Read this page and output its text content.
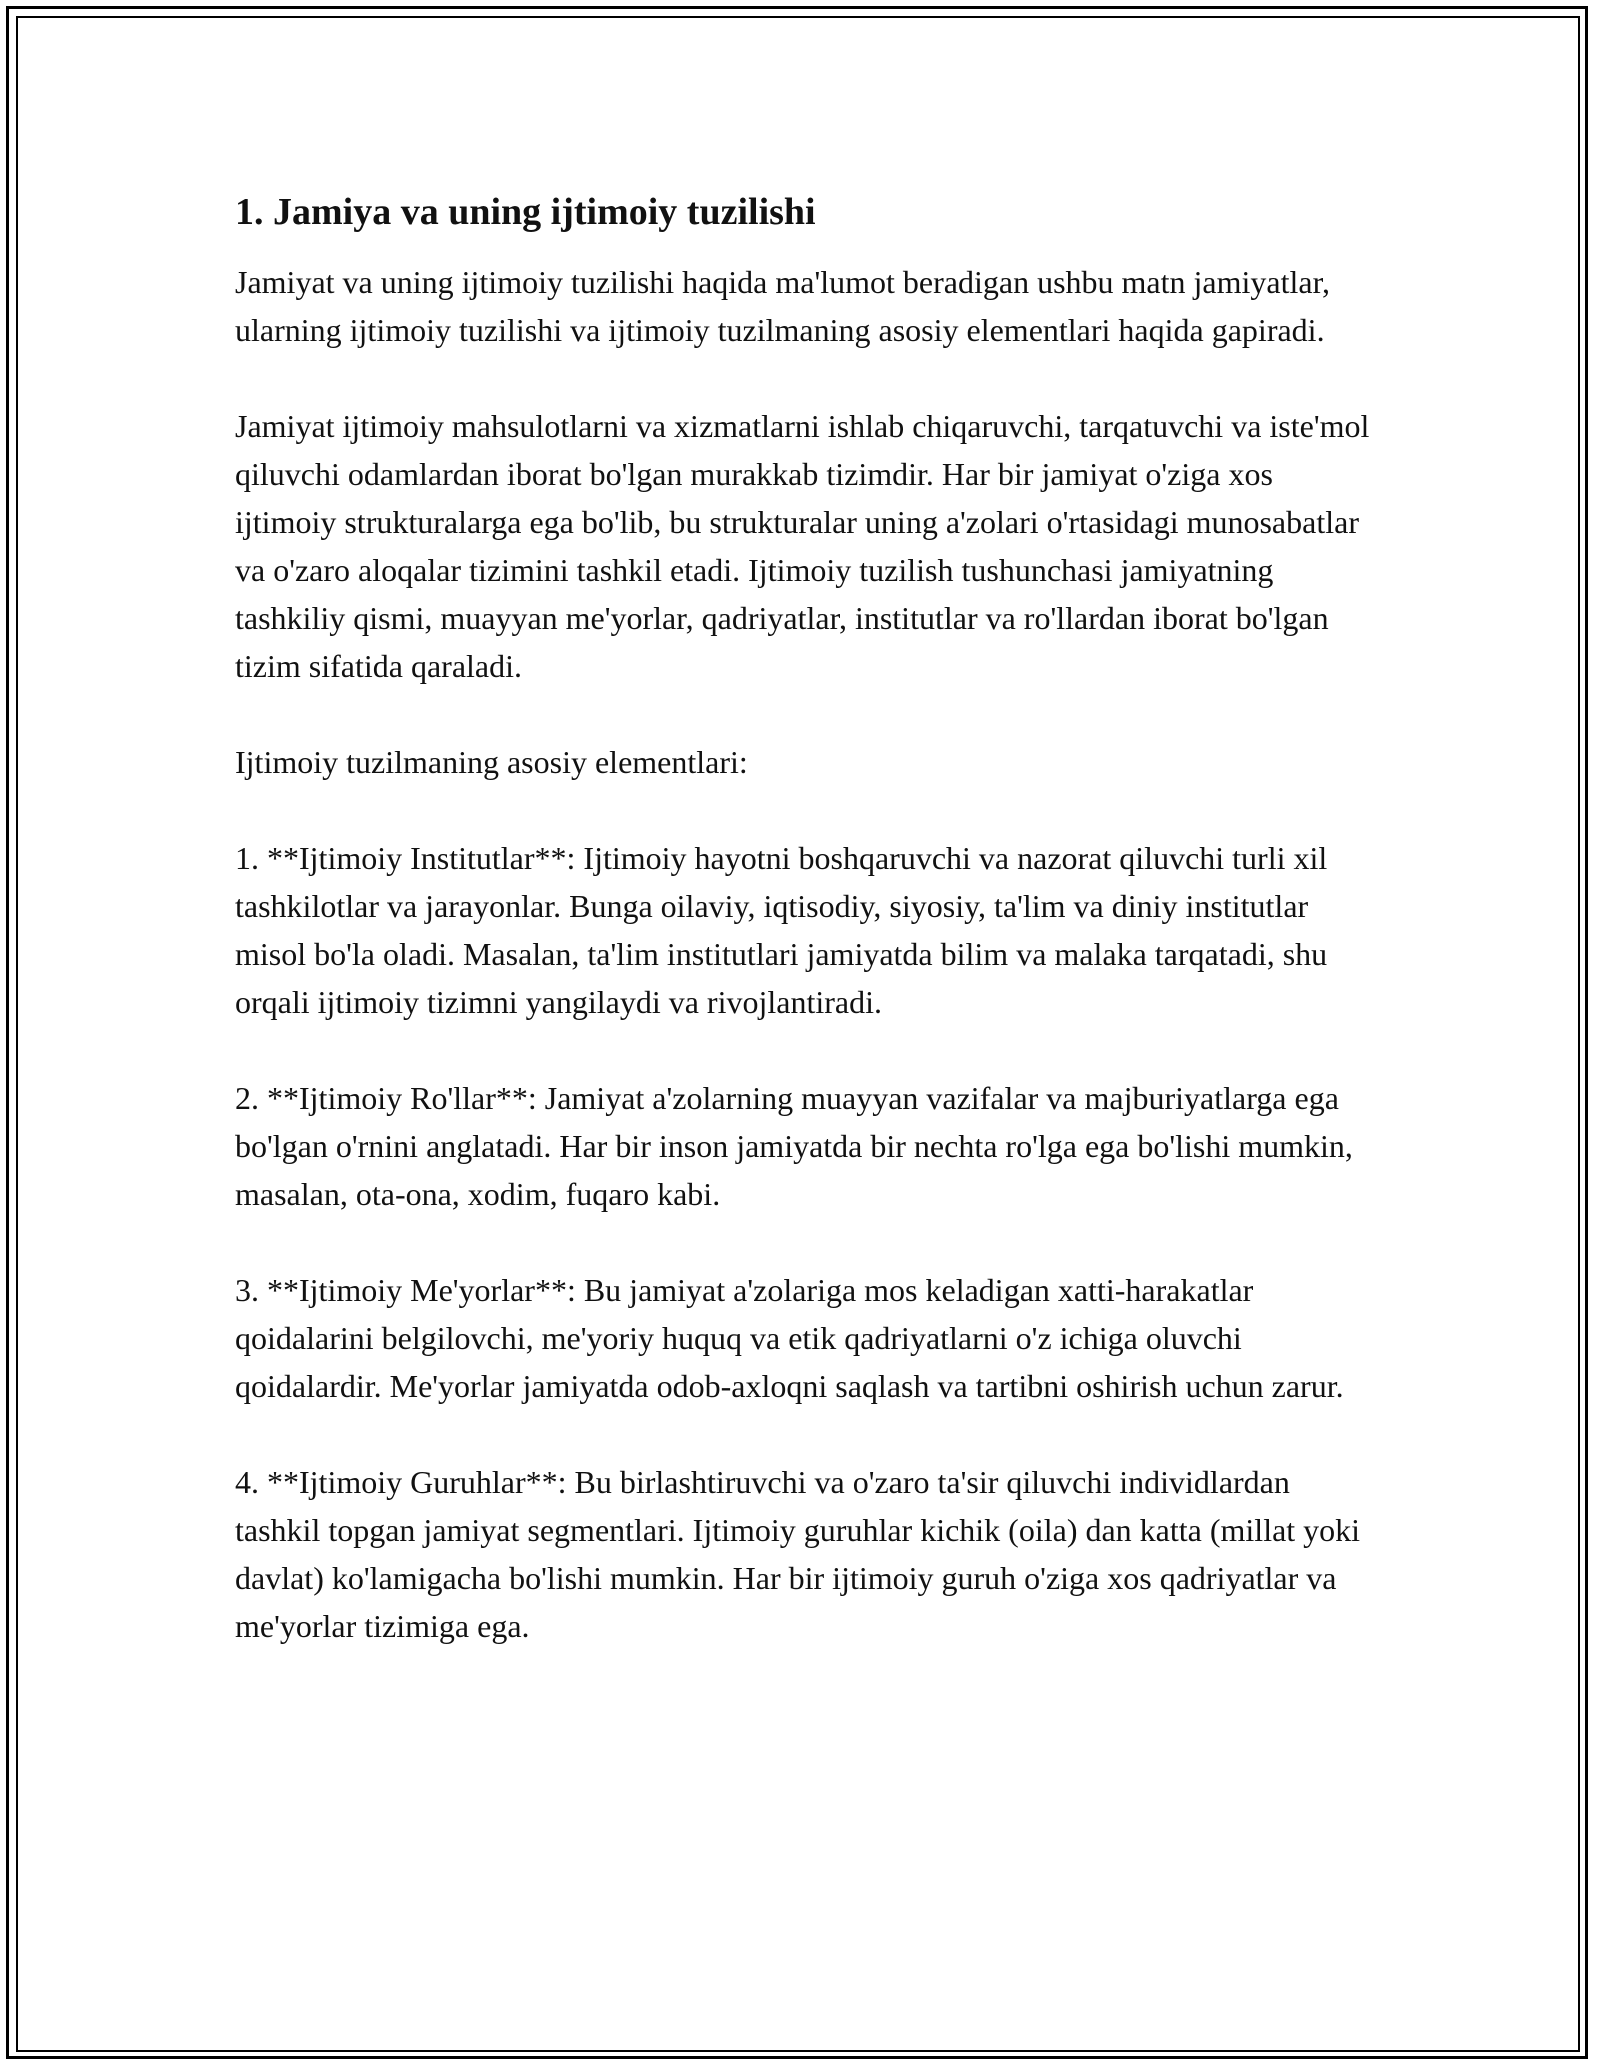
1. Jamiya va uning ijtimoiy tuzilishi

Jamiyat va uning ijtimoiy tuzilishi haqida ma'lumot beradigan ushbu matn jamiyatlar, ularning ijtimoiy tuzilishi va ijtimoiy tuzilmaning asosiy elementlari haqida gapiradi.

Jamiyat ijtimoiy mahsulotlarni va xizmatlarni ishlab chiqaruvchi, tarqatuvchi va iste'mol qiluvchi odamlardan iborat bo'lgan murakkab tizimdir. Har bir jamiyat o'ziga xos ijtimoiy strukturalarga ega bo'lib, bu strukturalar uning a'zolari o'rtasidagi munosabatlar va o'zaro aloqalar tizimini tashkil etadi. Ijtimoiy tuzilish tushunchasi jamiyatning tashkiliy qismi, muayyan me'yorlar, qadriyatlar, institutlar va ro'llardan iborat bo'lgan tizim sifatida qaraladi.

Ijtimoiy tuzilmaning asosiy elementlari:

1. **Ijtimoiy Institutlar**: Ijtimoiy hayotni boshqaruvchi va nazorat qiluvchi turli xil tashkilotlar va jarayonlar. Bunga oilaviy, iqtisodiy, siyosiy, ta'lim va diniy institutlar misol bo'la oladi. Masalan, ta'lim institutlari jamiyatda bilim va malaka tarqatadi, shu orqali ijtimoiy tizimni yangilaydi va rivojlantiradi.

2. **Ijtimoiy Ro'llar**: Jamiyat a'zolarning muayyan vazifalar va majburiyatlarga ega bo'lgan o'rnini anglatadi. Har bir inson jamiyatda bir nechta ro'lga ega bo'lishi mumkin, masalan, ota-ona, xodim, fuqaro kabi.

3. **Ijtimoiy Me'yorlar**: Bu jamiyat a'zolariga mos keladigan xatti-harakatlar qoidalarini belgilovchi, me'yoriy huquq va etik qadriyatlarni o'z ichiga oluvchi qoidalardir. Me'yorlar jamiyatda odob-axloqni saqlash va tartibni oshirish uchun zarur.

4. **Ijtimoiy Guruhlar**: Bu birlashtiruvchi va o'zaro ta'sir qiluvchi individlardan tashkil topgan jamiyat segmentlari. Ijtimoiy guruhlar kichik (oila) dan katta (millat yoki davlat) ko'lamigacha bo'lishi mumkin. Har bir ijtimoiy guruh o'ziga xos qadriyatlar va me'yorlar tizimiga ega.
